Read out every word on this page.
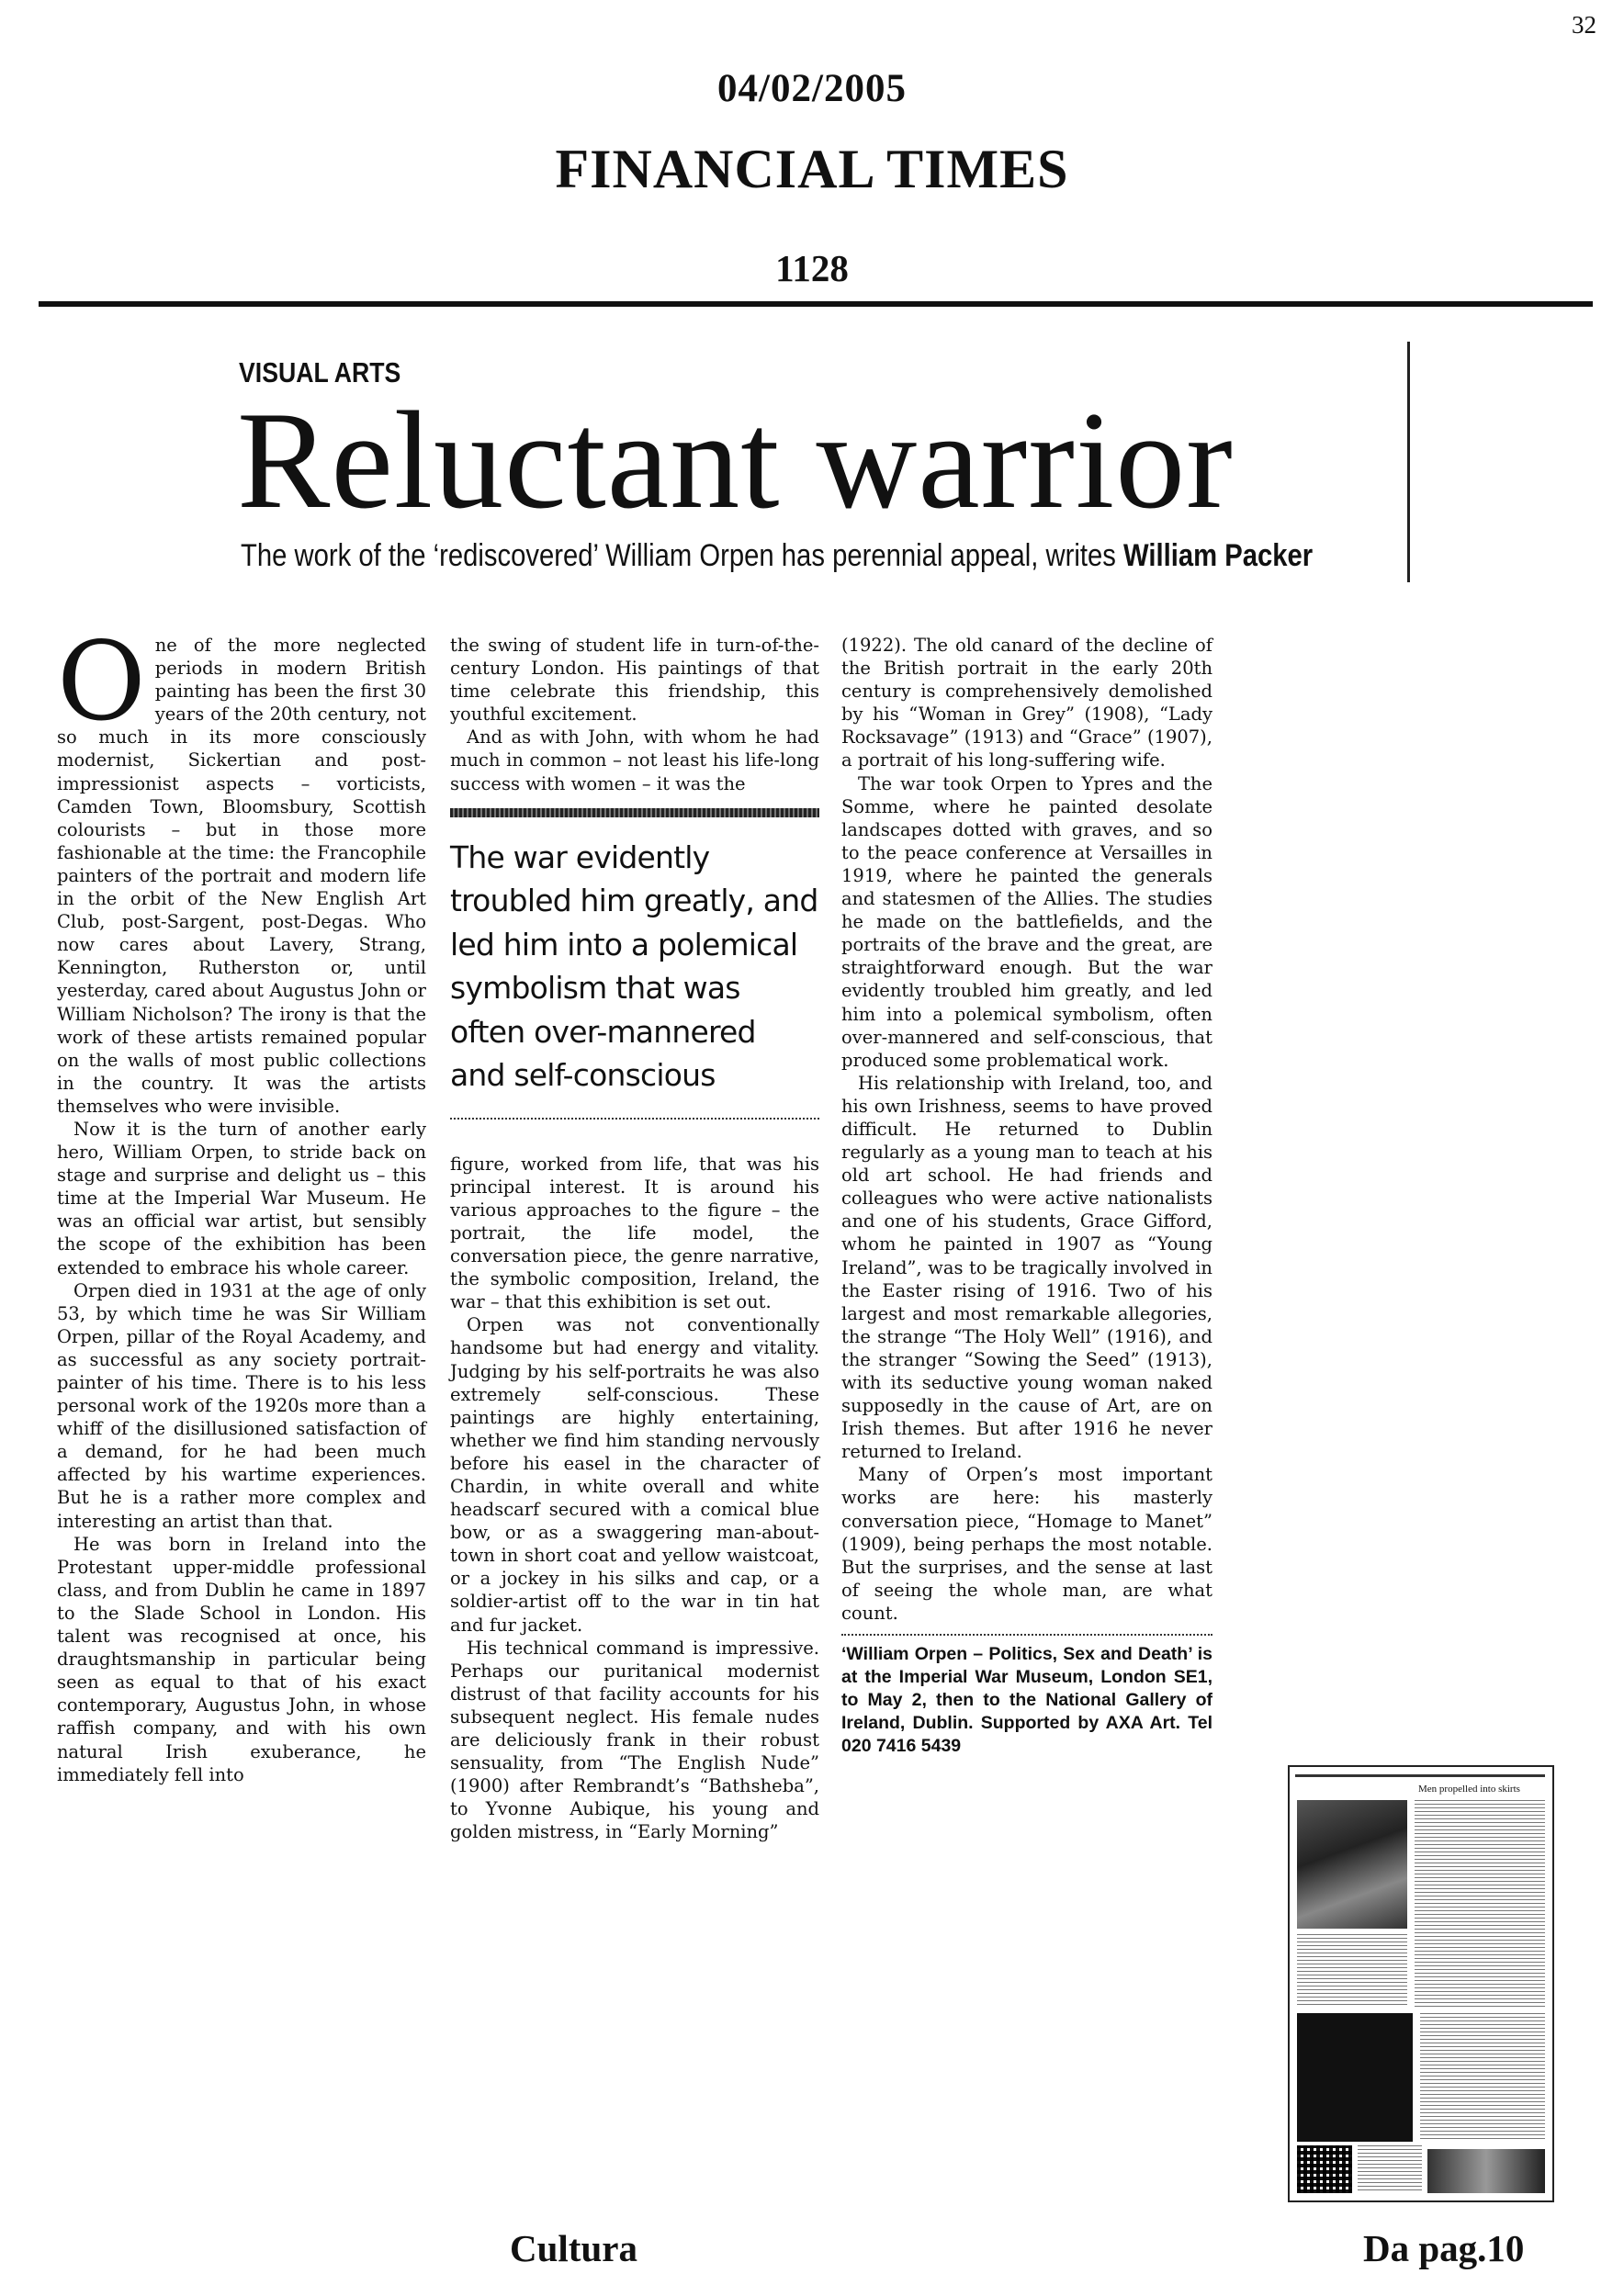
32
04/02/2005
FINANCIAL TIMES
1128
VISUAL ARTS
Reluctant warrior
The work of the ‘rediscovered’ William Orpen has perennial appeal, writes William Packer

One of the more neglected periods in modern British painting has been the first 30 years of the 20th century, not so much in its more consciously modernist, Sickertian and post-impressionist aspects – vorticists, Camden Town, Bloomsbury, Scottish colourists – but in those more fashionable at the time: the Francophile painters of the portrait and modern life in the orbit of the New English Art Club, post-Sargent, post-Degas. Who now cares about Lavery, Strang, Kennington, Rutherston or, until yesterday, cared about Augustus John or William Nicholson? The irony is that the work of these artists remained popular on the walls of most public collections in the country. It was the artists themselves who were invisible.

Now it is the turn of another early hero, William Orpen, to stride back on stage and surprise and delight us – this time at the Imperial War Museum. He was an official war artist, but sensibly the scope of the exhibition has been extended to embrace his whole career.

Orpen died in 1931 at the age of only 53, by which time he was Sir William Orpen, pillar of the Royal Academy, and as successful as any society portrait-painter of his time. There is to his less personal work of the 1920s more than a whiff of the disillusioned satisfaction of a demand, for he had been much affected by his wartime experiences. But he is a rather more complex and interesting an artist than that.

He was born in Ireland into the Protestant upper-middle professional class, and from Dublin he came in 1897 to the Slade School in London. His talent was recognised at once, his draughtsmanship in particular being seen as equal to that of his exact contemporary, Augustus John, in whose raffish company, and with his own natural Irish exuberance, he immediately fell into

the swing of student life in turn-of-the-century London. His paintings of that time celebrate this friendship, this youthful excitement.

And as with John, with whom he had much in common – not least his life-long success with women – it was the

The war evidently troubled him greatly, and led him into a polemical symbolism that was often over-mannered and self-conscious

figure, worked from life, that was his principal interest. It is around his various approaches to the figure – the portrait, the life model, the conversation piece, the genre narrative, the symbolic composition, Ireland, the war – that this exhibition is set out.

Orpen was not conventionally handsome but had energy and vitality. Judging by his self-portraits he was also extremely self-conscious. These paintings are highly entertaining, whether we find him standing nervously before his easel in the character of Chardin, in white overall and white headscarf secured with a comical blue bow, or as a swaggering man-about-town in short coat and yellow waistcoat, or a jockey in his silks and cap, or a soldier-artist off to the war in tin hat and fur jacket.

His technical command is impressive. Perhaps our puritanical modernist distrust of that facility accounts for his subsequent neglect. His female nudes are deliciously frank in their robust sensuality, from “The English Nude” (1900) after Rembrandt’s “Bathsheba”, to Yvonne Aubique, his young and golden mistress, in “Early Morning”

(1922). The old canard of the decline of the British portrait in the early 20th century is comprehensively demolished by his “Woman in Grey” (1908), “Lady Rocksavage” (1913) and “Grace” (1907), a portrait of his long-suffering wife.

The war took Orpen to Ypres and the Somme, where he painted desolate landscapes dotted with graves, and so to the peace conference at Versailles in 1919, where he painted the generals and statesmen of the Allies. The studies he made on the battlefields, and the portraits of the brave and the great, are straightforward enough. But the war evidently troubled him greatly, and led him into a polemical symbolism, often over-mannered and self-conscious, that produced some problematical work.

His relationship with Ireland, too, and his own Irishness, seems to have proved difficult. He returned to Dublin regularly as a young man to teach at his old art school. He had friends and colleagues who were active nationalists and one of his students, Grace Gifford, whom he painted in 1907 as “Young Ireland”, was to be tragically involved in the Easter rising of 1916. Two of his largest and most remarkable allegories, the strange “The Holy Well” (1916), and the stranger “Sowing the Seed” (1913), with its seductive young woman naked supposedly in the cause of Art, are on Irish themes. But after 1916 he never returned to Ireland.

Many of Orpen’s most important works are here: his masterly conversation piece, “Homage to Manet” (1909), being perhaps the most notable. But the surprises, and the sense at last of seeing the whole man, are what count.

‘William Orpen – Politics, Sex and Death’ is at the Imperial War Museum, London SE1, to May 2, then to the National Gallery of Ireland, Dublin. Supported by AXA Art. Tel 020 7416 5439
Men propelled into skirts
Cultura	Da pag.10
